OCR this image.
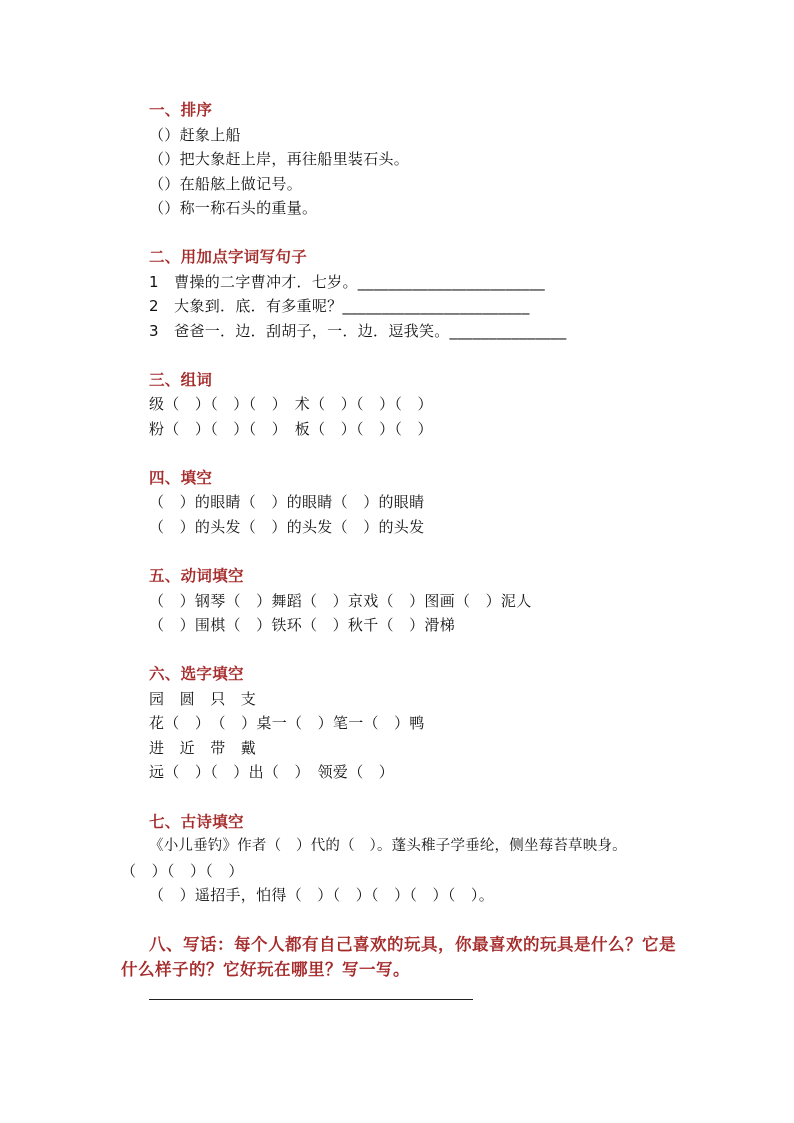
一、排序
（）赶象上船
（）把大象赶上岸，再往船里装石头。
（）在船舷上做记号。
（）称一称石头的重量。
二、用加点字词写句子
1　曹操的二字曹冲才．七岁。________________________
2　大象到．底．有多重呢？________________________
3　爸爸一．边．刮胡子，一．边．逗我笑。_______________
三、组词
级（　）（　）（　）　术（　）（　）（　）
粉（　）（　）（　）　板（　）（　）（　）
四、填空
（　）的眼睛（　）的眼睛（　）的眼睛
（　）的头发（　）的头发（　）的头发
五、动词填空
（　）钢琴（　）舞蹈（　）京戏（　）图画（　）泥人
（　）围棋（　）铁环（　）秋千（　）滑梯
六、选字填空
园　圆　只　支
花（　）　（　）桌一（　）笔一（　）鸭
进　近　带　戴
远（　）（　）出（　）　领爱（　）
七、古诗填空
《小儿垂钓》作者（　）代的（　）。蓬头稚子学垂纶，侧坐莓苔草映身。
（　）（　）（　）
（　）遥招手，怕得（　）（　）（　）（　）（　）。
八、写话：每个人都有自己喜欢的玩具，你最喜欢的玩具是什么？它是
什么样子的？它好玩在哪里？写一写。
